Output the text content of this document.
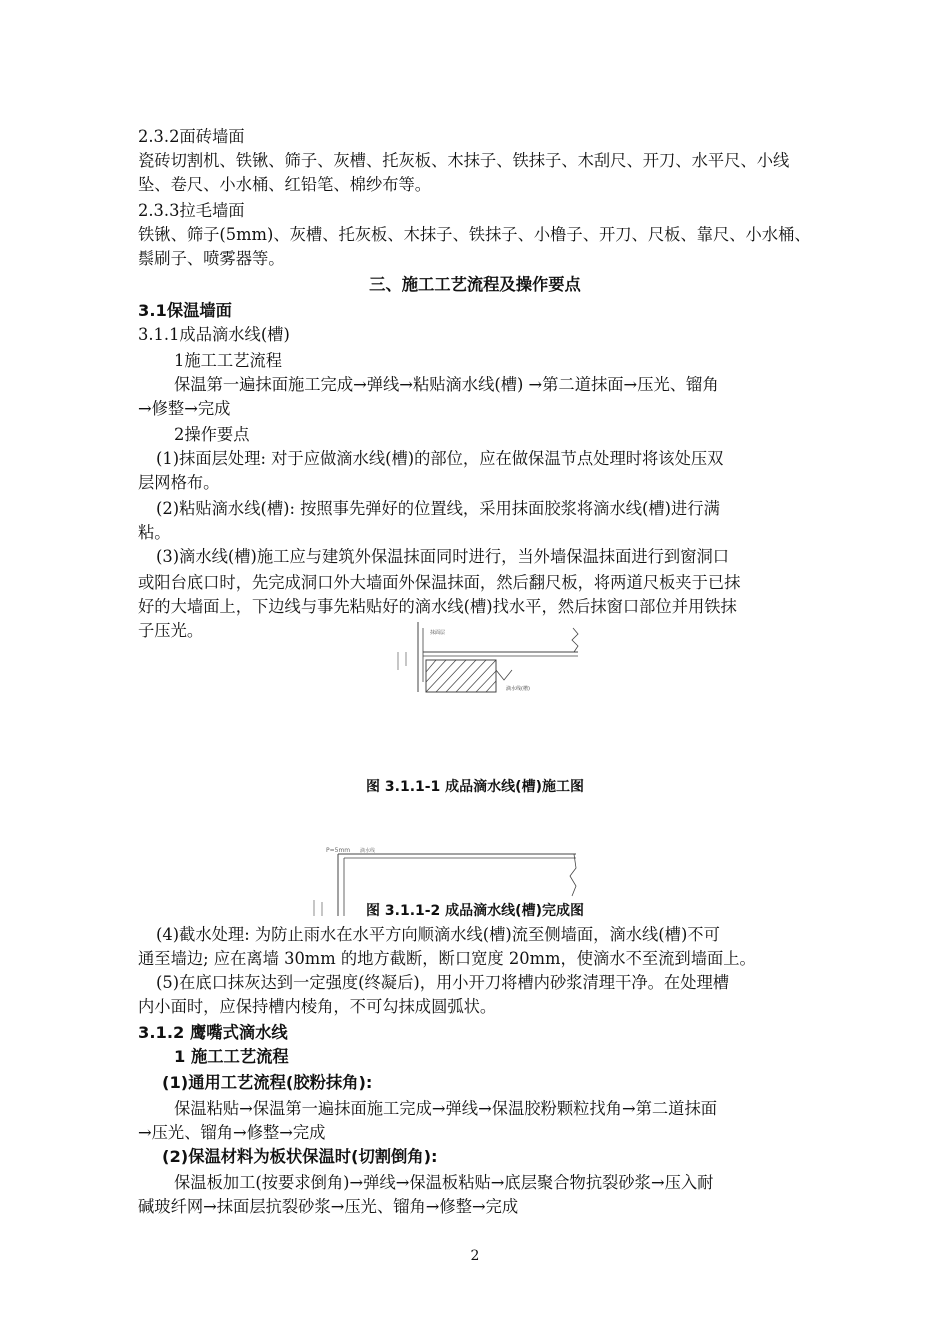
2.3.2面砖墙面
瓷砖切割机、铁锹、筛子、灰槽、托灰板、木抹子、铁抹子、木刮尺、开刀、水平尺、小线
坠、卷尺、小水桶、红铅笔、棉纱布等。
2.3.3拉毛墙面
铁锹、筛子(5mm)、灰槽、托灰板、木抹子、铁抹子、小橹子、开刀、尺板、靠尺、小水桶、
鬃刷子、喷雾器等。
三、施工工艺流程及操作要点
3.1保温墙面
3.1.1成品滴水线(槽)
1施工工艺流程
保温第一遍抹面施工完成→弹线→粘贴滴水线(槽) →第二道抹面→压光、镏角
→修整→完成
2操作要点
(1)抹面层处理: 对于应做滴水线(槽)的部位，应在做保温节点处理时将该处压双
层网格布。
(2)粘贴滴水线(槽): 按照事先弹好的位置线，采用抹面胶浆将滴水线(槽)进行满
粘。
(3)滴水线(槽)施工应与建筑外保温抹面同时进行，当外墙保温抹面进行到窗洞口
或阳台底口时，先完成洞口外大墙面外保温抹面，然后翻尺板，将两道尺板夹于已抹
好的大墙面上，下边线与事先粘贴好的滴水线(槽)找水平，然后抹窗口部位并用铁抹
子压光。	抹面层
滴水线(槽)
图 3.1.1-1 成品滴水线(槽)施工图
P=5mm 滴水线
图 3.1.1-2 成品滴水线(槽)完成图
(4)截水处理: 为防止雨水在水平方向顺滴水线(槽)流至侧墙面，滴水线(槽)不可
通至墙边; 应在离墙 30mm 的地方截断，断口宽度 20mm，使滴水不至流到墙面上。
(5)在底口抹灰达到一定强度(终凝后)，用小开刀将槽内砂浆清理干净。在处理槽
内小面时，应保持槽内棱角，不可勾抹成圆弧状。
3.1.2 鹰嘴式滴水线
1 施工工艺流程
(1)通用工艺流程(胶粉抹角):
保温粘贴→保温第一遍抹面施工完成→弹线→保温胶粉颗粒找角→第二道抹面
→压光、镏角→修整→完成
(2)保温材料为板状保温时(切割倒角):
保温板加工(按要求倒角)→弹线→保温板粘贴→底层聚合物抗裂砂浆→压入耐
碱玻纤网→抹面层抗裂砂浆→压光、镏角→修整→完成
2
